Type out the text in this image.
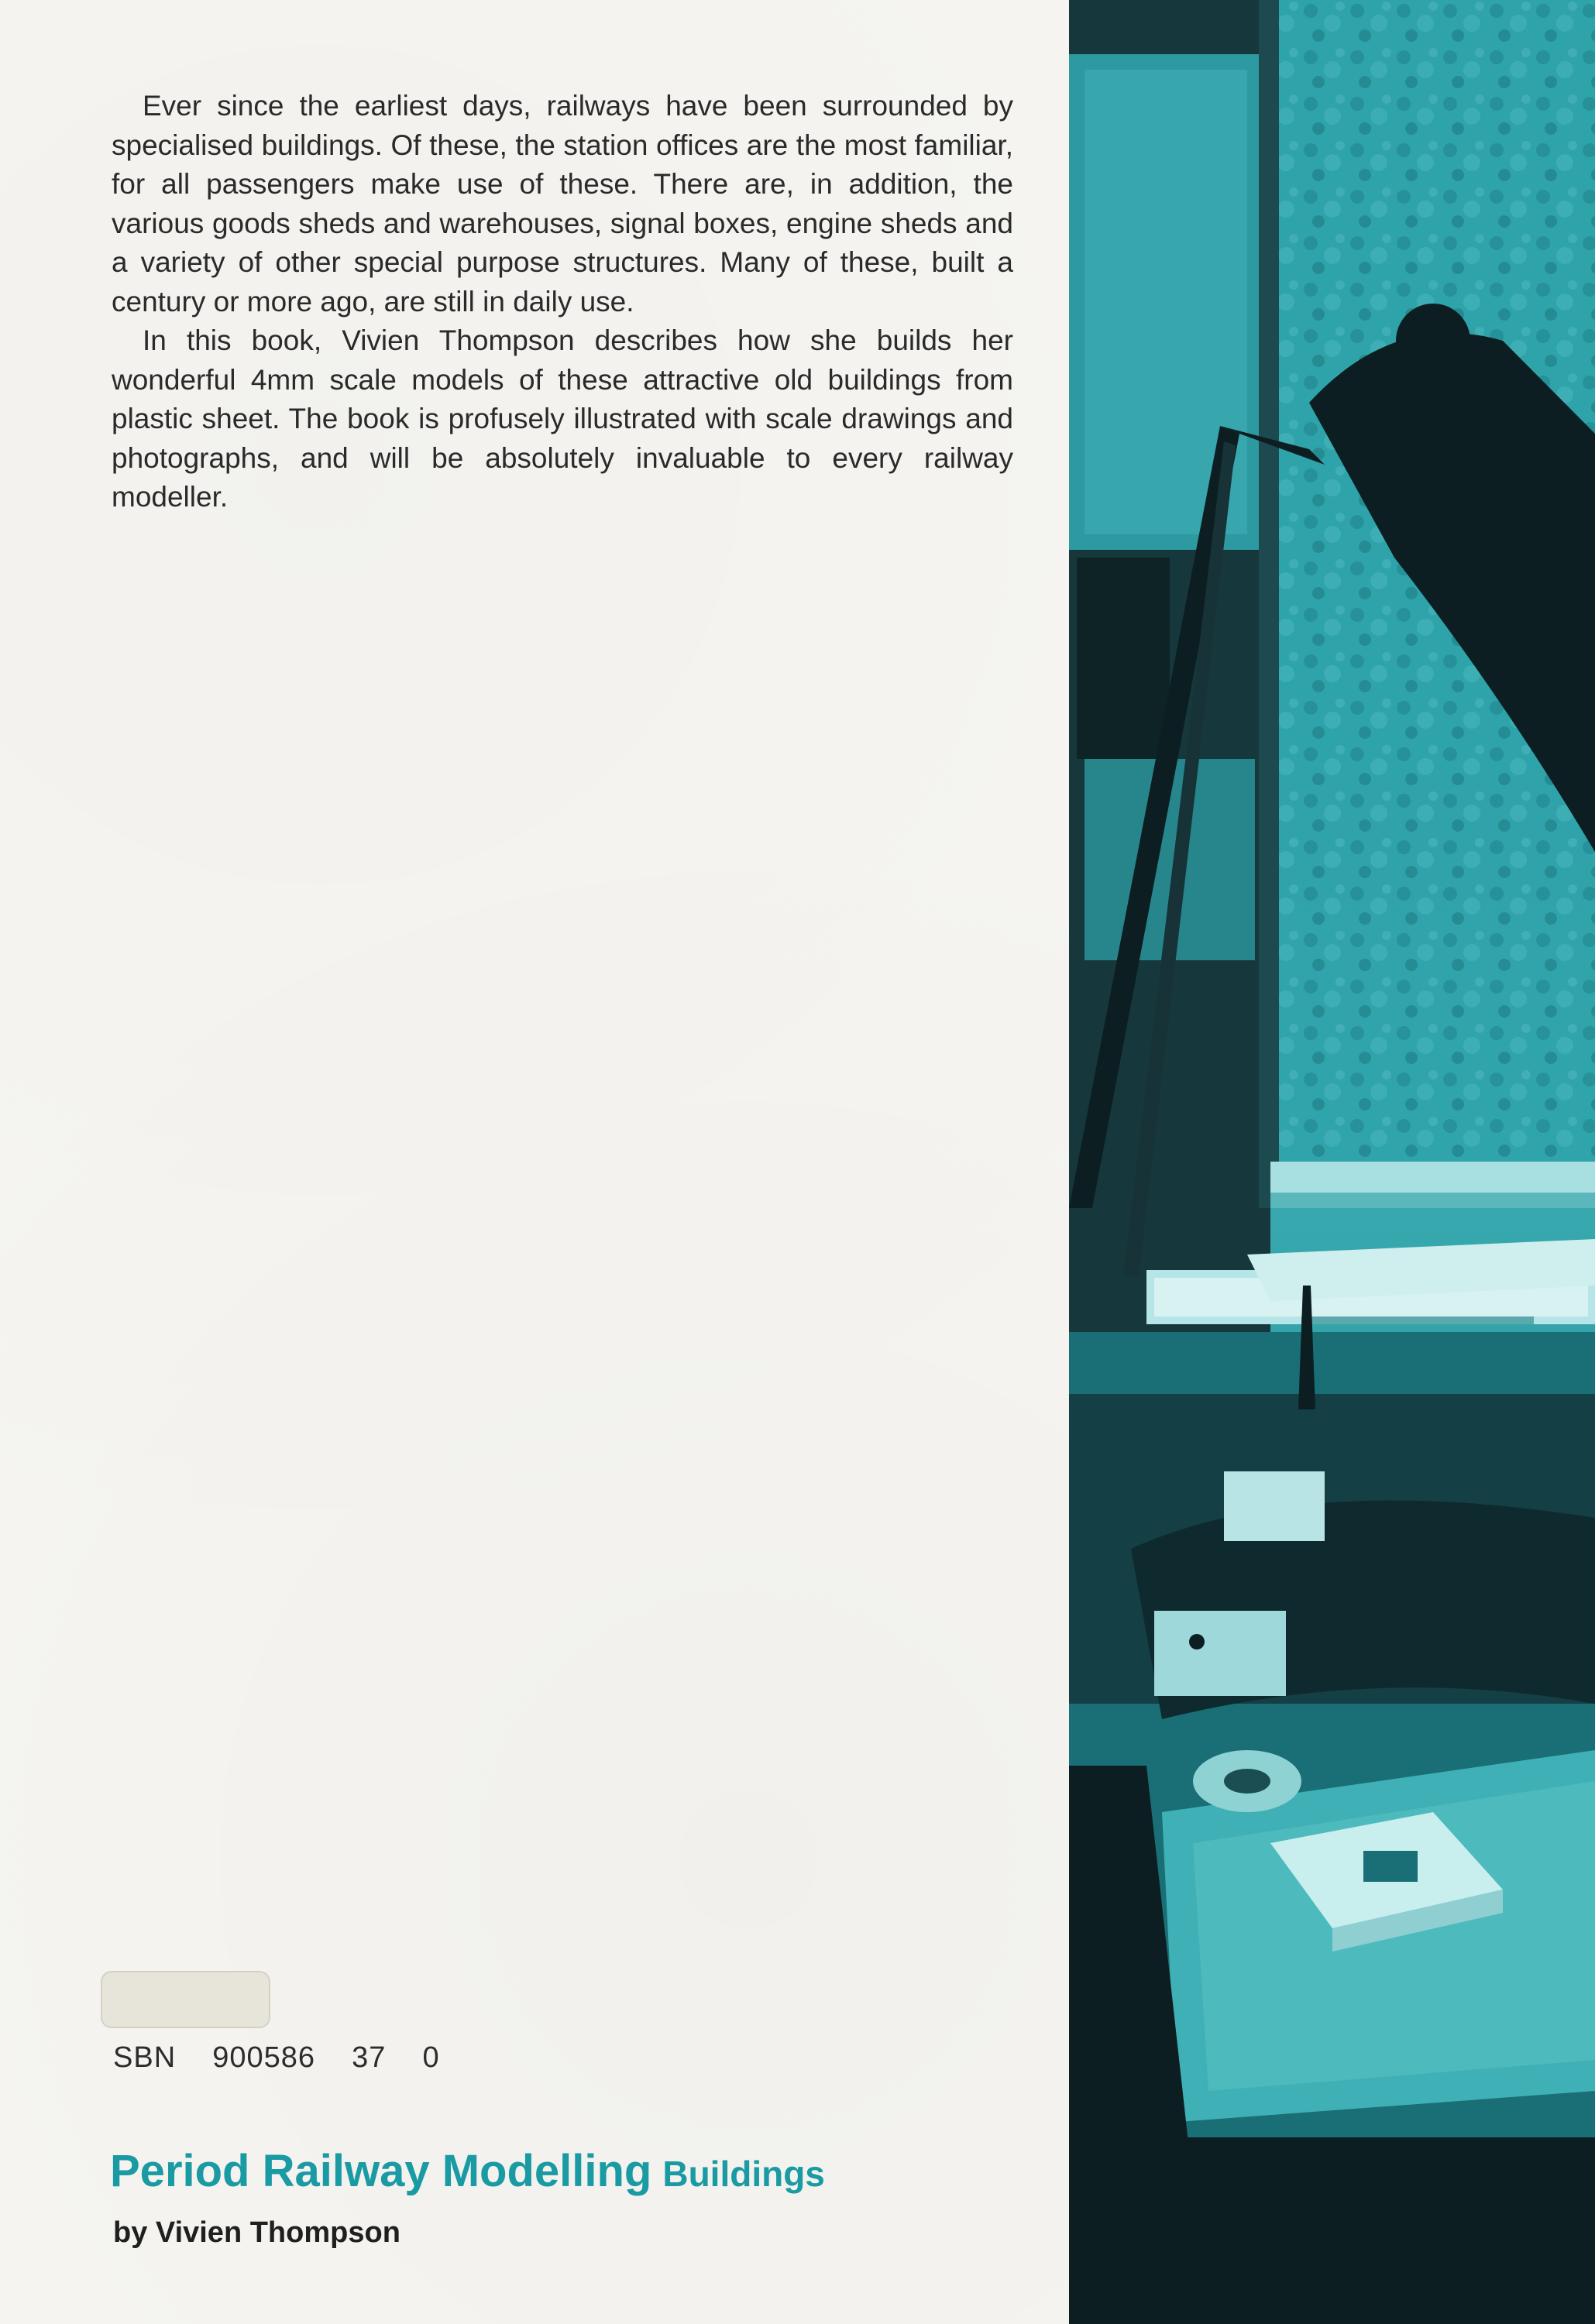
Ever since the earliest days, railways have been surrounded by specialised buildings. Of these, the station offices are the most familiar, for all passengers make use of these. There are, in addition, the various goods sheds and warehouses, signal boxes, engine sheds and a variety of other special purpose structures. Many of these, built a century or more ago, are still in daily use.

In this book, Vivien Thompson describes how she builds her wonderful 4mm scale models of these attractive old buildings from plastic sheet. The book is profusely illustrated with scale drawings and photographs, and will be absolutely invaluable to every railway modeller.

SBN  900586  37  0
Period Railway Modelling Buildings
by Vivien Thompson
